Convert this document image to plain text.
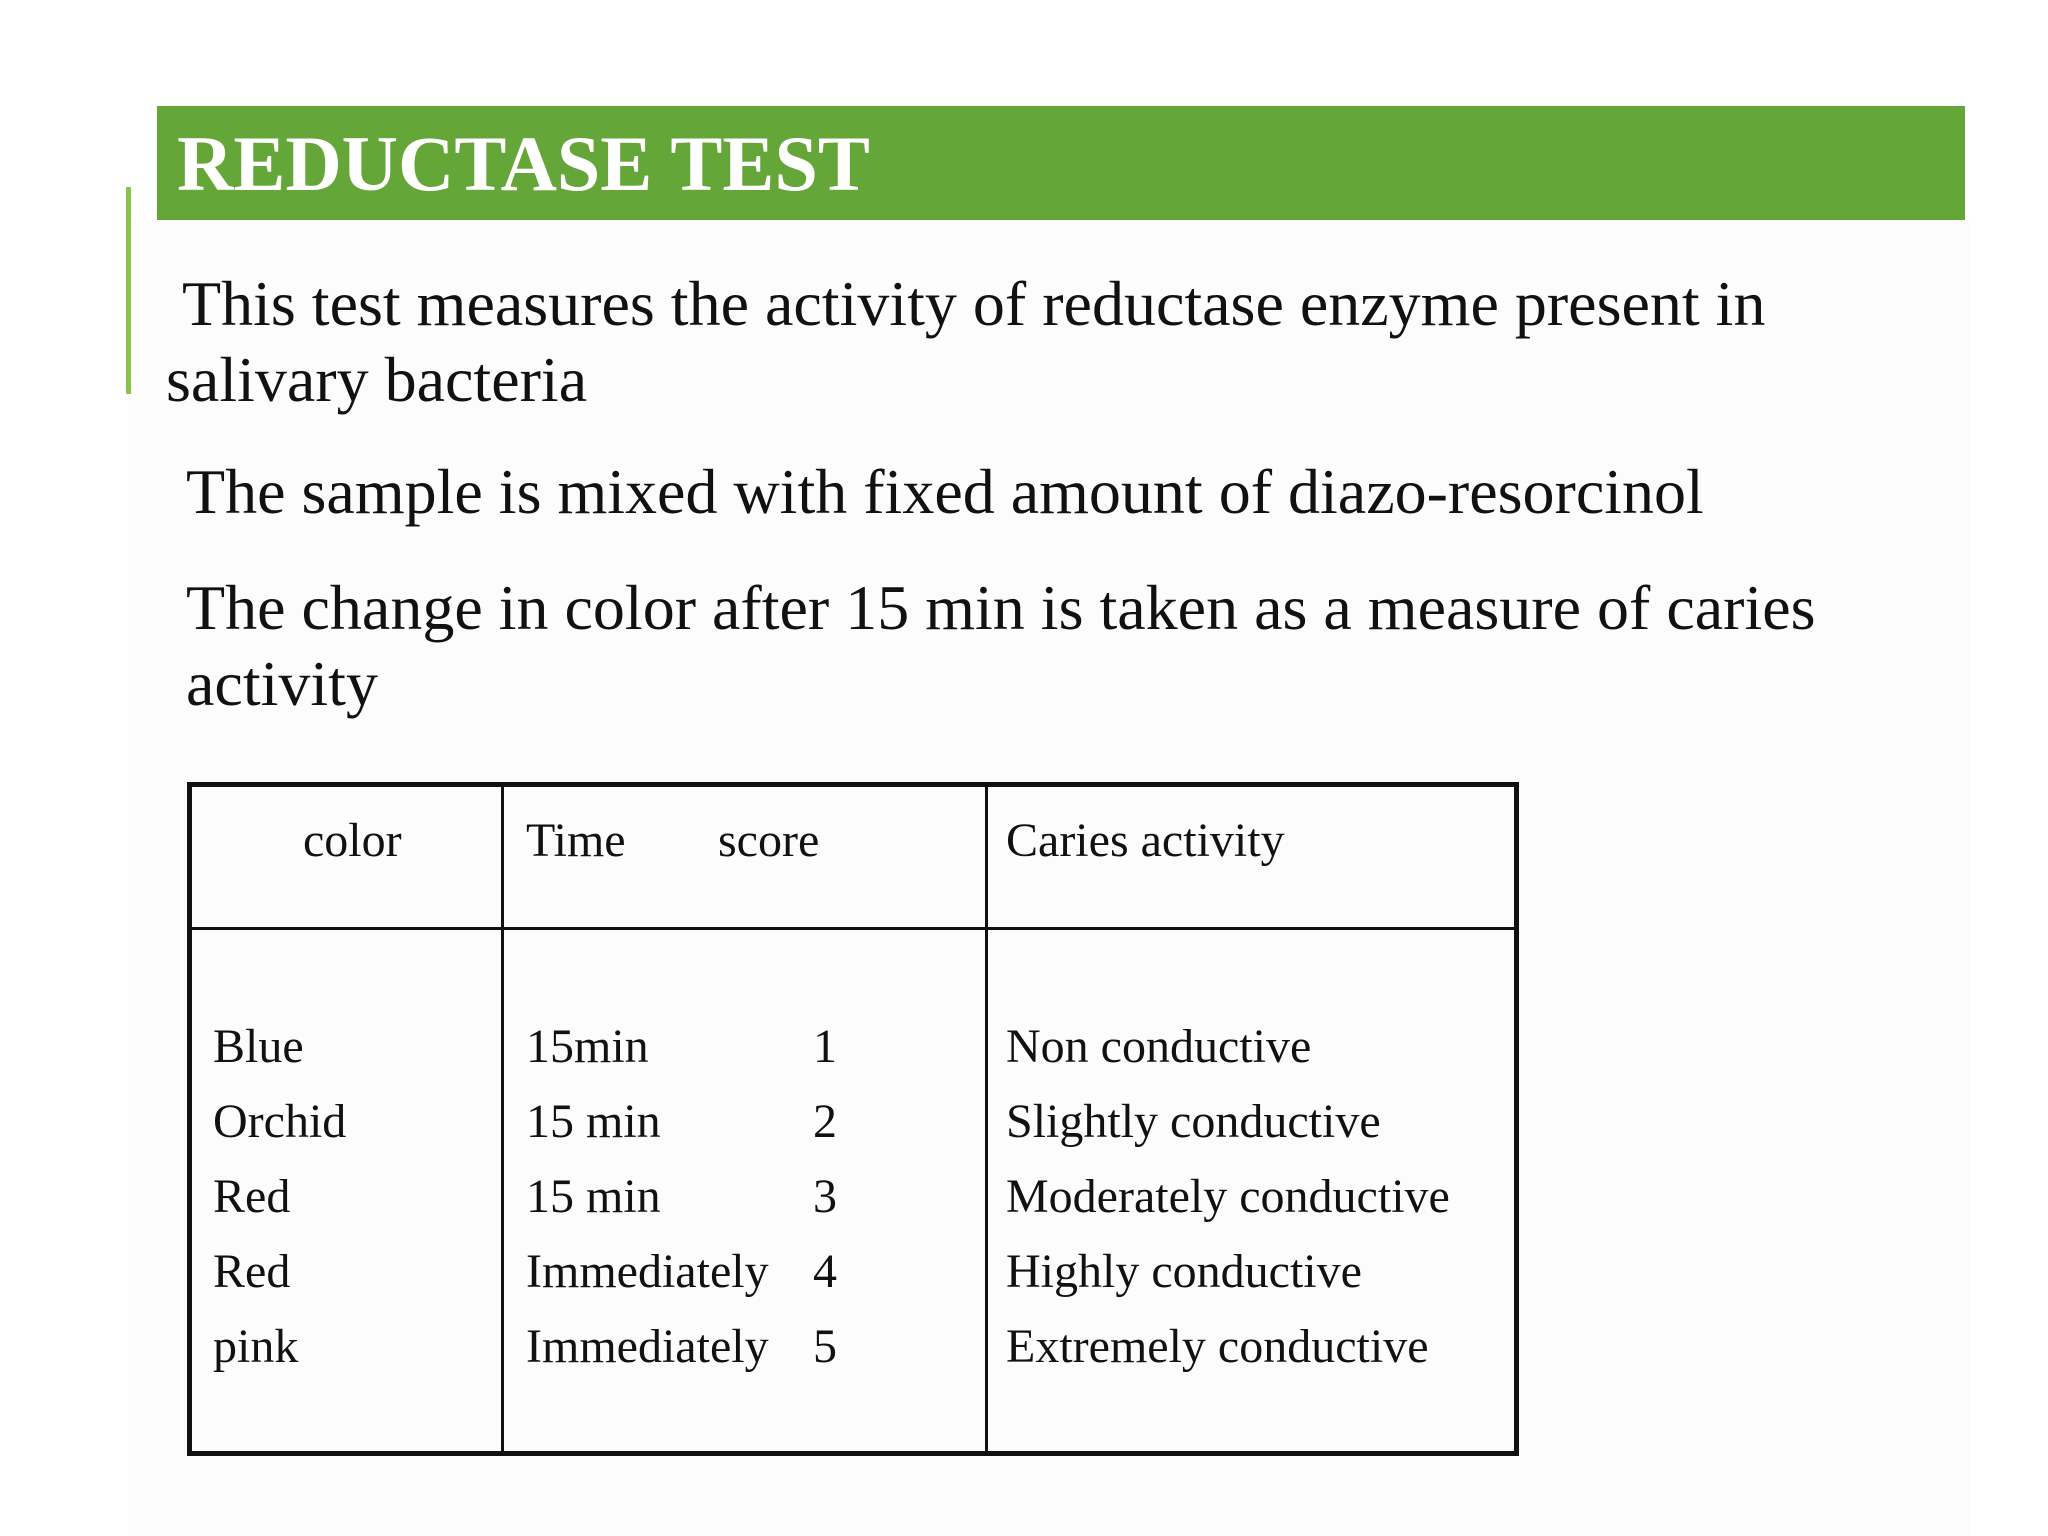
REDUCTASE TEST
This test measures the activity of reductase enzyme present in salivary bacteria
The sample is mixed with fixed amount of diazo-resorcinol
The change in color after 15 min is taken as a measure of caries activity
color	Time score	Caries activity
Blue
Orchid
Red
Red
pink
15min
15 min
15 min
Immediately
Immediately
1
2
3
4
5
Non conductive
Slightly conductive
Moderately conductive
Highly conductive
Extremely conductive
